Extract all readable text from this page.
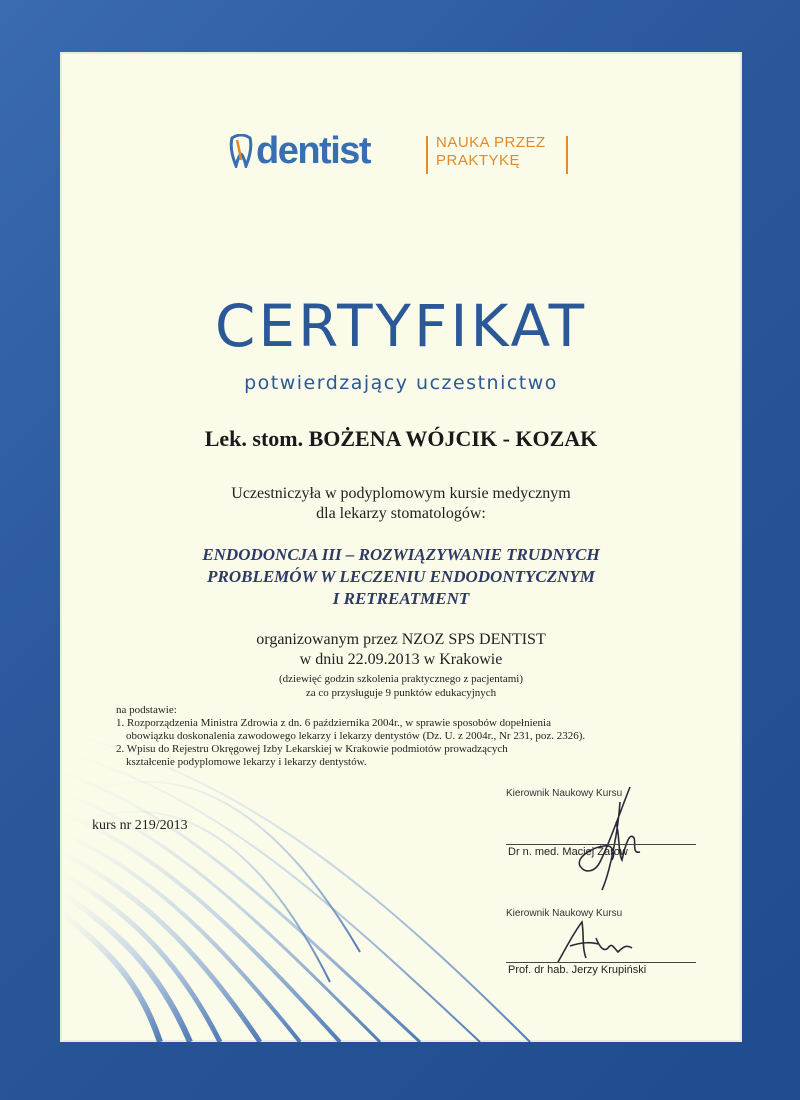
dentist	NAUKA PRZEZ
PRAKTYKĘ
CERTYFIKAT
potwierdzający uczestnictwo
Lek. stom. BOŻENA WÓJCIK - KOZAK
Uczestniczyła w podyplomowym kursie medycznym
dla lekarzy stomatologów:
ENDODONCJA III – ROZWIĄZYWANIE TRUDNYCH
PROBLEMÓW W LECZENIU ENDODONTYCZNYM
I RETREATMENT
organizowanym przez NZOZ SPS DENTIST
w dniu 22.09.2013 w Krakowie
(dziewięć godzin szkolenia praktycznego z pacjentami)
za co przysługuje 9 punktów edukacyjnych
na podstawie:
1. Rozporządzenia Ministra Zdrowia z dn. 6 października 2004r., w sprawie sposobów dopełnienia
obowiązku doskonalenia zawodowego lekarzy i lekarzy dentystów (Dz. U. z 2004r., Nr 231, poz. 2326).
2. Wpisu do Rejestru Okręgowej Izby Lekarskiej w Krakowie podmiotów prowadzących
kształcenie podyplomowe lekarzy i lekarzy dentystów.
kurs nr 219/2013
Kierownik Naukowy Kursu
Dr n. med. Maciej Żarow
Kierownik Naukowy Kursu
Prof. dr hab. Jerzy Krupiński
